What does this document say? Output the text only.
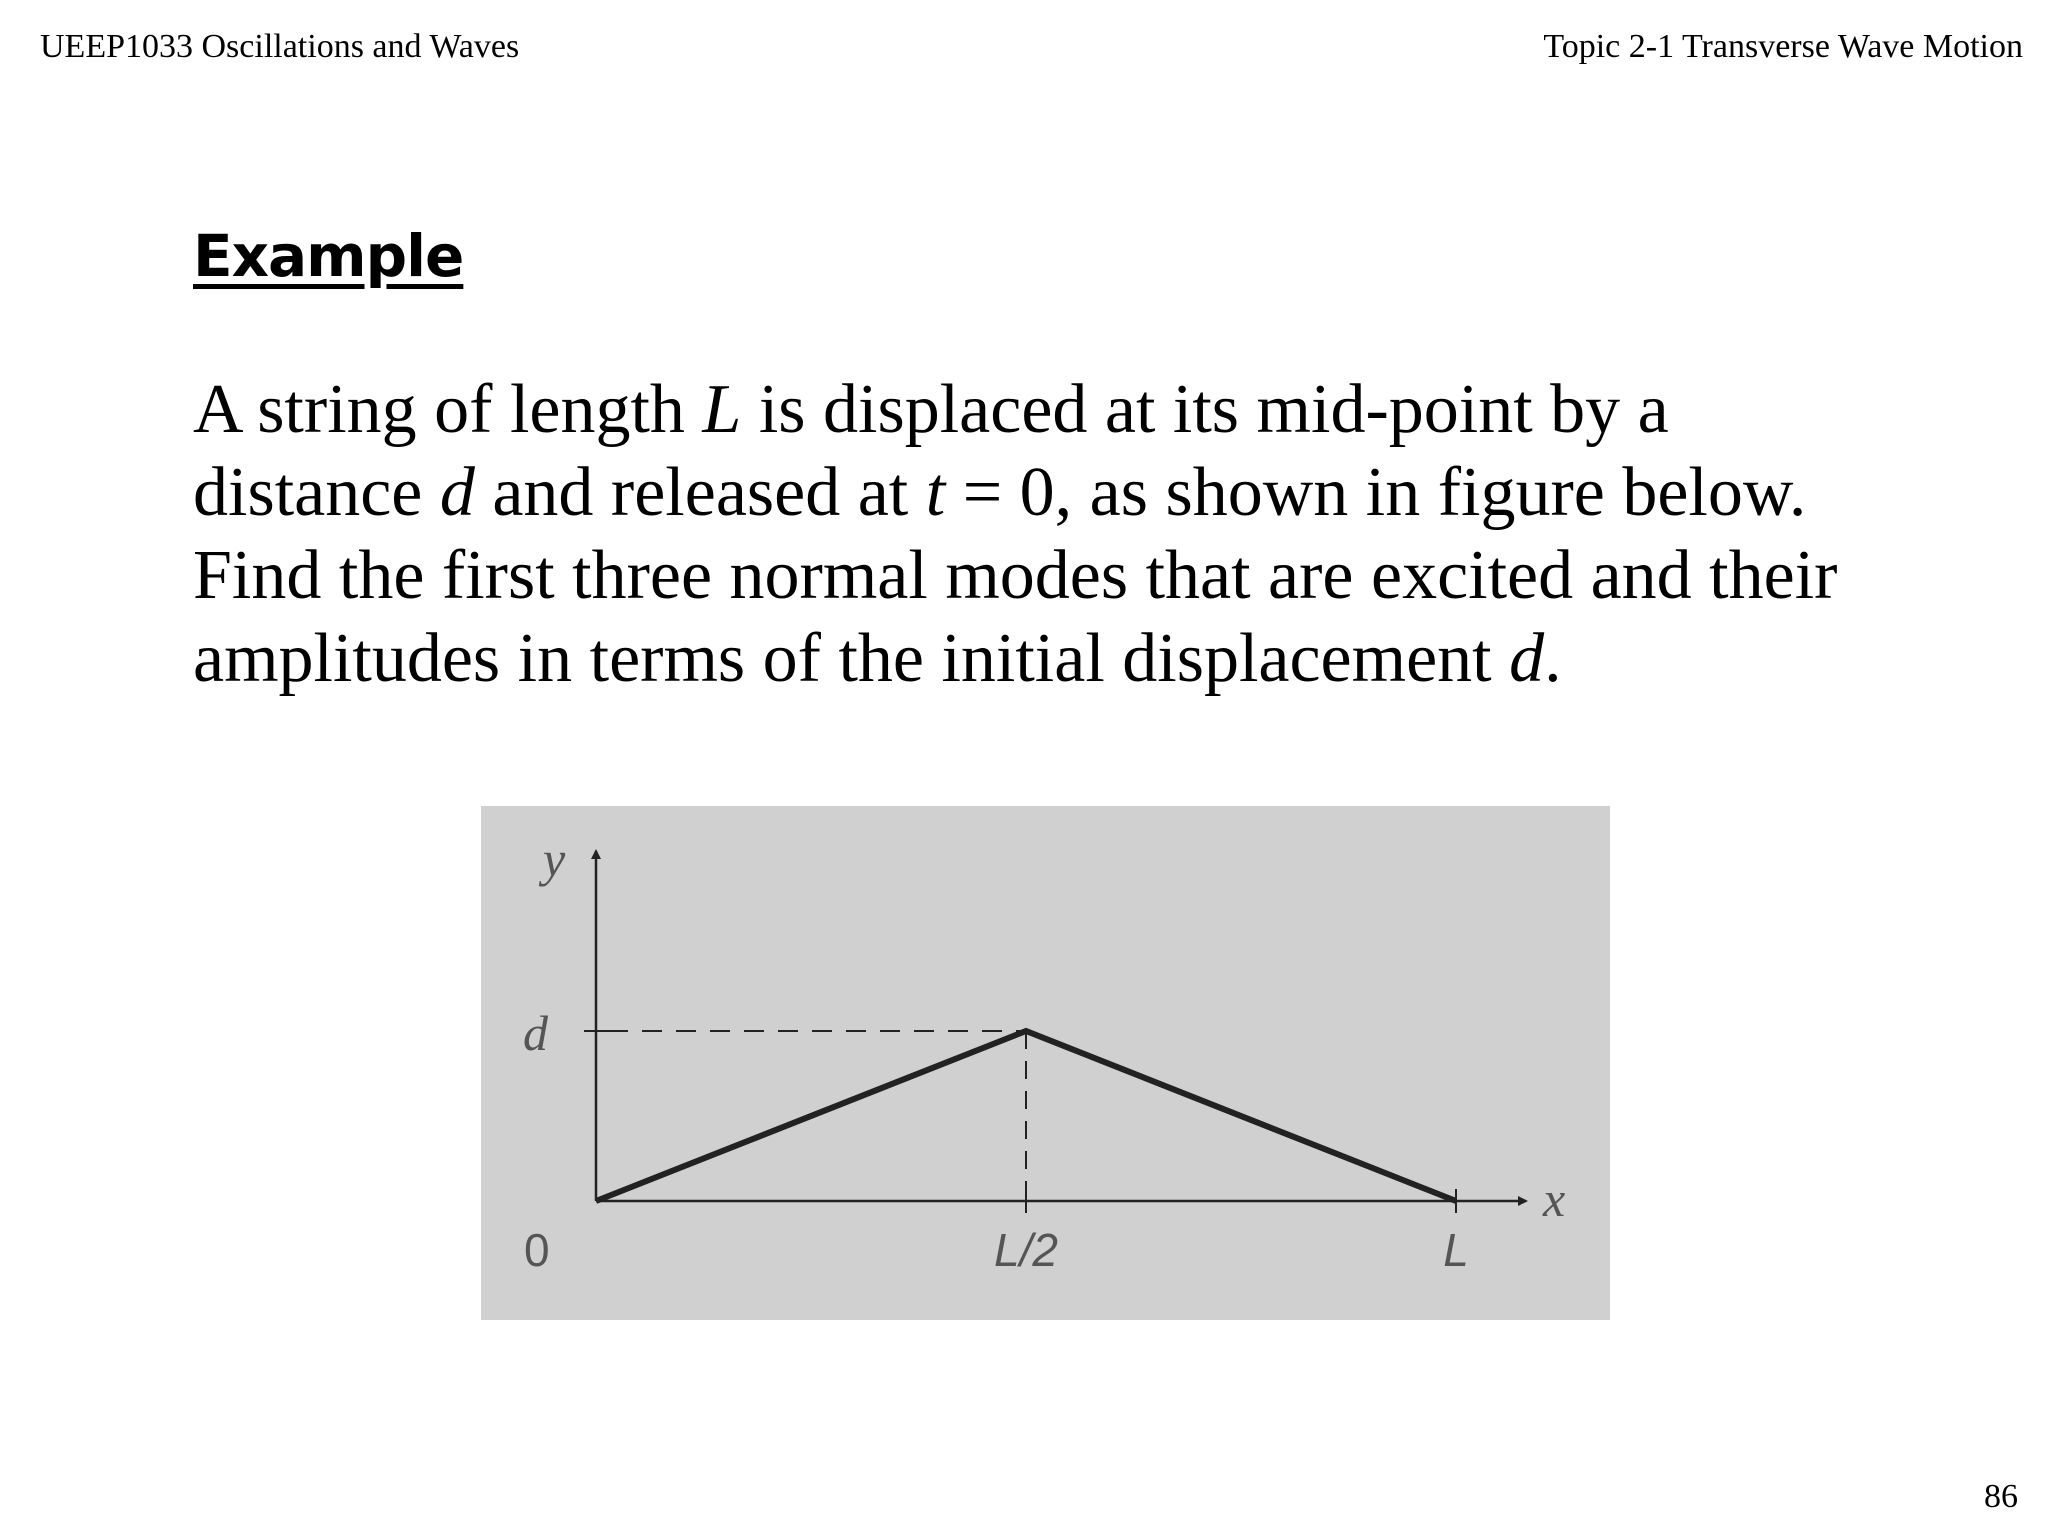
UEEP1033 Oscillations and Waves	Topic 2-1 Transverse Wave Motion
Example
A string of length L is displaced at its mid-point by a
distance d and released at t = 0, as shown in figure below.
Find the first three normal modes that are excited and their
amplitudes in terms of the initial displacement d.
y
d
0	L/2	L
x
86
